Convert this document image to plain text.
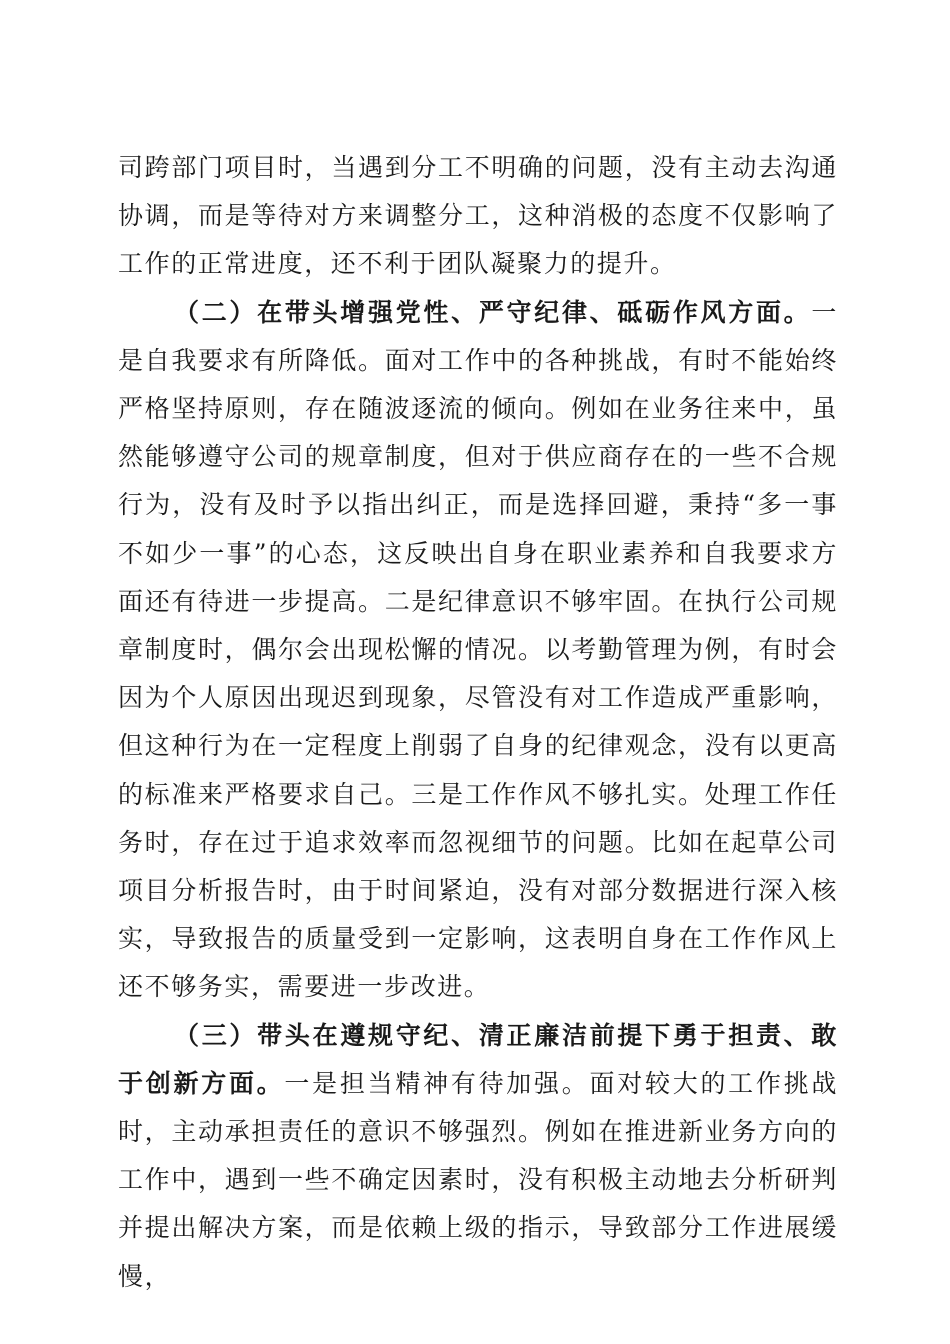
司跨部门项目时，当遇到分工不明确的问题，没有主动去沟通协调，而是等待对方来调整分工，这种消极的态度不仅影响了工作的正常进度，还不利于团队凝聚力的提升。

（二）在带头增强党性、严守纪律、砥砺作风方面。一是自我要求有所降低。面对工作中的各种挑战，有时不能始终严格坚持原则，存在随波逐流的倾向。例如在业务往来中，虽然能够遵守公司的规章制度，但对于供应商存在的一些不合规行为，没有及时予以指出纠正，而是选择回避，秉持“多一事不如少一事”的心态，这反映出自身在职业素养和自我要求方面还有待进一步提高。二是纪律意识不够牢固。在执行公司规章制度时，偶尔会出现松懈的情况。以考勤管理为例，有时会因为个人原因出现迟到现象，尽管没有对工作造成严重影响，但这种行为在一定程度上削弱了自身的纪律观念，没有以更高的标准来严格要求自己。三是工作作风不够扎实。处理工作任务时，存在过于追求效率而忽视细节的问题。比如在起草公司项目分析报告时，由于时间紧迫，没有对部分数据进行深入核实，导致报告的质量受到一定影响，这表明自身在工作作风上还不够务实，需要进一步改进。

（三）带头在遵规守纪、清正廉洁前提下勇于担责、敢于创新方面。一是担当精神有待加强。面对较大的工作挑战时，主动承担责任的意识不够强烈。例如在推进新业务方向的工作中，遇到一些不确定因素时，没有积极主动地去分析研判并提出解决方案，而是依赖上级的指示，导致部分工作进展缓慢，
